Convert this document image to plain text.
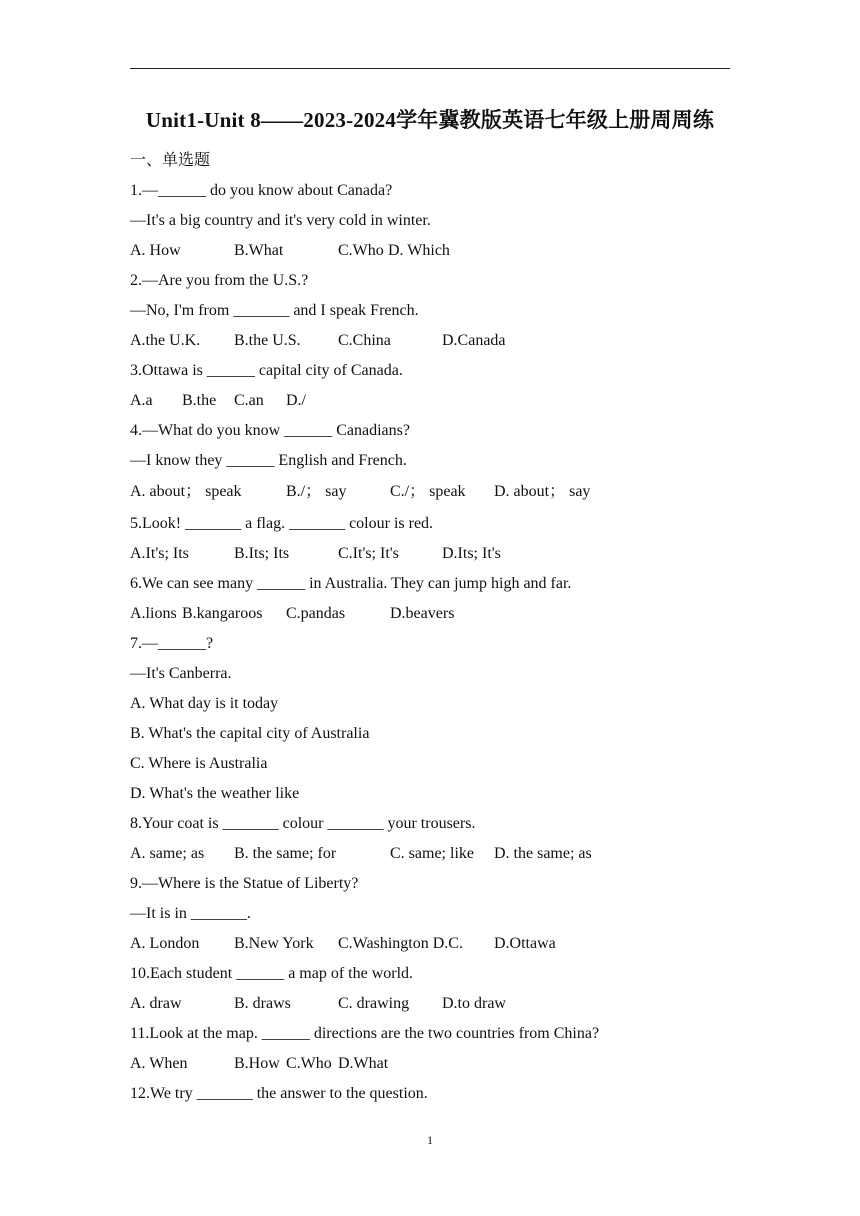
Unit1-Unit 8——2023-2024学年冀教版英语七年级上册周周练
一、单选题
1.—______ do you know about Canada?
—It's a big country and it's very cold in winter.

A. How

	B.What

	C.Who

D. Which

2.—Are you from the U.S.?
—No, I'm from _______ and I speak French.

A.the U.K.

B.the U.S.

C.China

	D.Canada

3.Ottawa is ______ capital city of Canada.

A.a

B.the

C.an

D./

4.—What do you know ______ Canadians?
—I know they ______ English and French.

A. about； speak

	B./； say

	C./； speak

D. about； say

5.Look! _______ a flag. _______ colour is red.

A.It's; Its

	B.Its; Its

	C.It's; It's

	D.Its; It's

6.We can see many ______ in Australia. They can jump high and far.

A.lions

B.kangaroos

C.pandas

	D.beavers

7.—______?
—It's Canberra.
A. What day is it today
B. What's the capital city of Australia
C. Where is Australia
D. What's the weather like
8.Your coat is _______ colour _______ your trousers.

A. same; as

B. the same; for

	C. same; like

D. the same; as

9.—Where is the Statue of Liberty?
—It is in _______.

A. London

B.New York

C.Washington D.C.

D.Ottawa

10.Each student ______ a map of the world.

A. draw

	B. draws

	C. drawing

D.to draw

11.Look at the map. ______ directions are the two countries from China?

A. When

	B.How

C.Who

D.What

12.We try _______ the answer to the question.
1
